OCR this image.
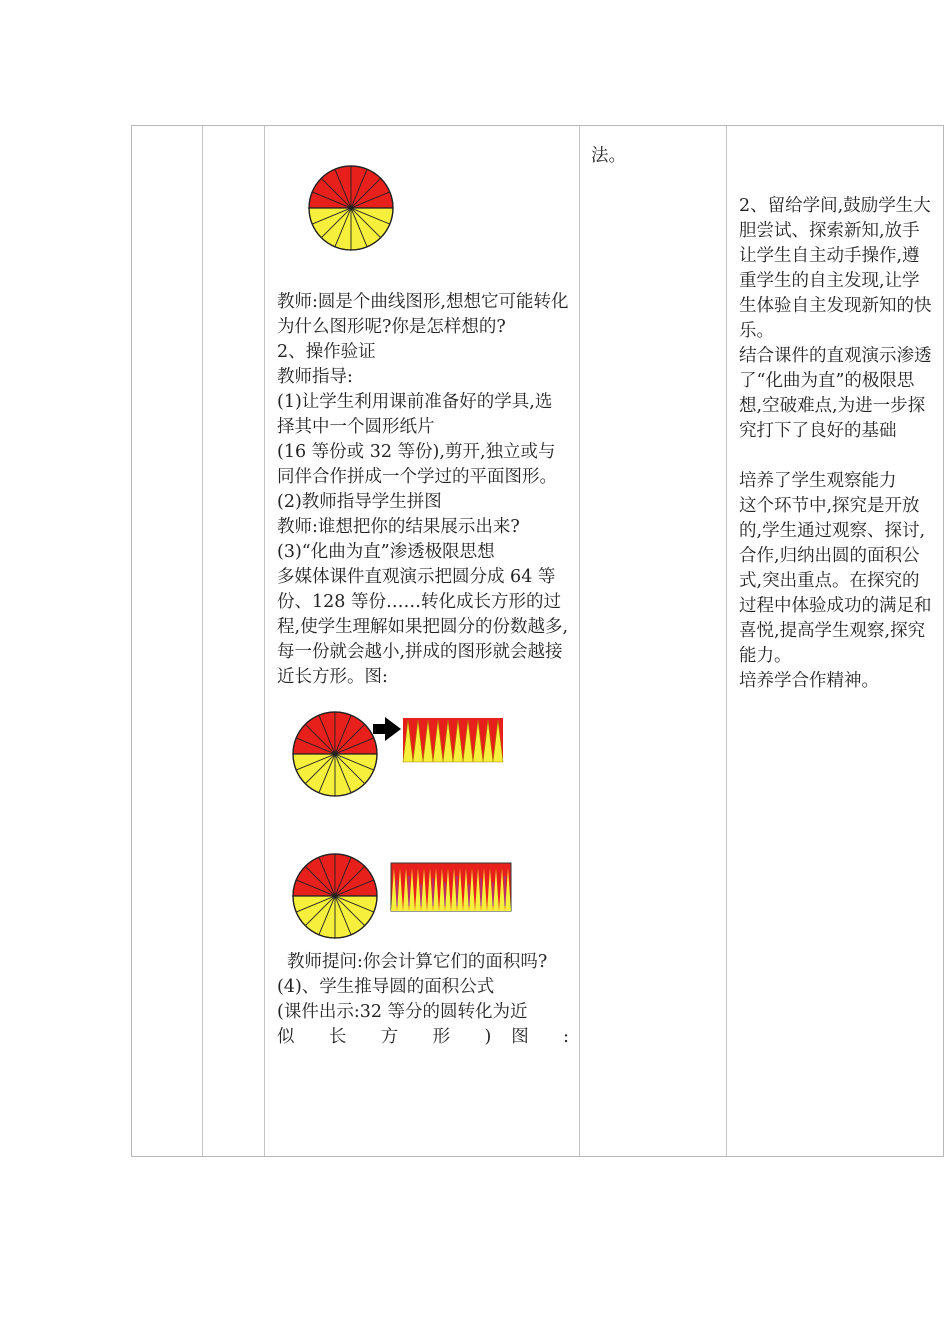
教师:圆是个曲线图形,想想它可能转化为什么图形呢?你是怎样想的?

2、操作验证

教师指导:

(1)让学生利用课前准备好的学具,选择其中一个圆形纸片

(16 等份或 32 等份),剪开,独立或与同伴合作拼成一个学过的平面图形。

(2)教师指导学生拼图

教师:谁想把你的结果展示出来?

(3)“化曲为直”渗透极限思想

多媒体课件直观演示把圆分成 64 等份、128 等份……转化成长方形的过程,使学生理解如果把圆分的份数越多,每一份就会越小,拼成的图形就会越接近长方形。图:

教师提问:你会计算它们的面积吗?

(4)、学生推导圆的面积公式

(课件出示:32 等分的圆转化为近

似 长 方 形 ) 图 :

法。

2、留给学间,鼓励学生大胆尝试、探索新知,放手让学生自主动手操作,遵重学生的自主发现,让学生体验自主发现新知的快乐。

结合课件的直观演示渗透了“化曲为直”的极限思想,空破难点,为进一步探究打下了良好的基础

培养了学生观察能力

这个环节中,探究是开放的,学生通过观察、探讨,合作,归纳出圆的面积公式,突出重点。在探究的过程中体验成功的满足和喜悦,提高学生观察,探究能力。

培养学合作精神。
